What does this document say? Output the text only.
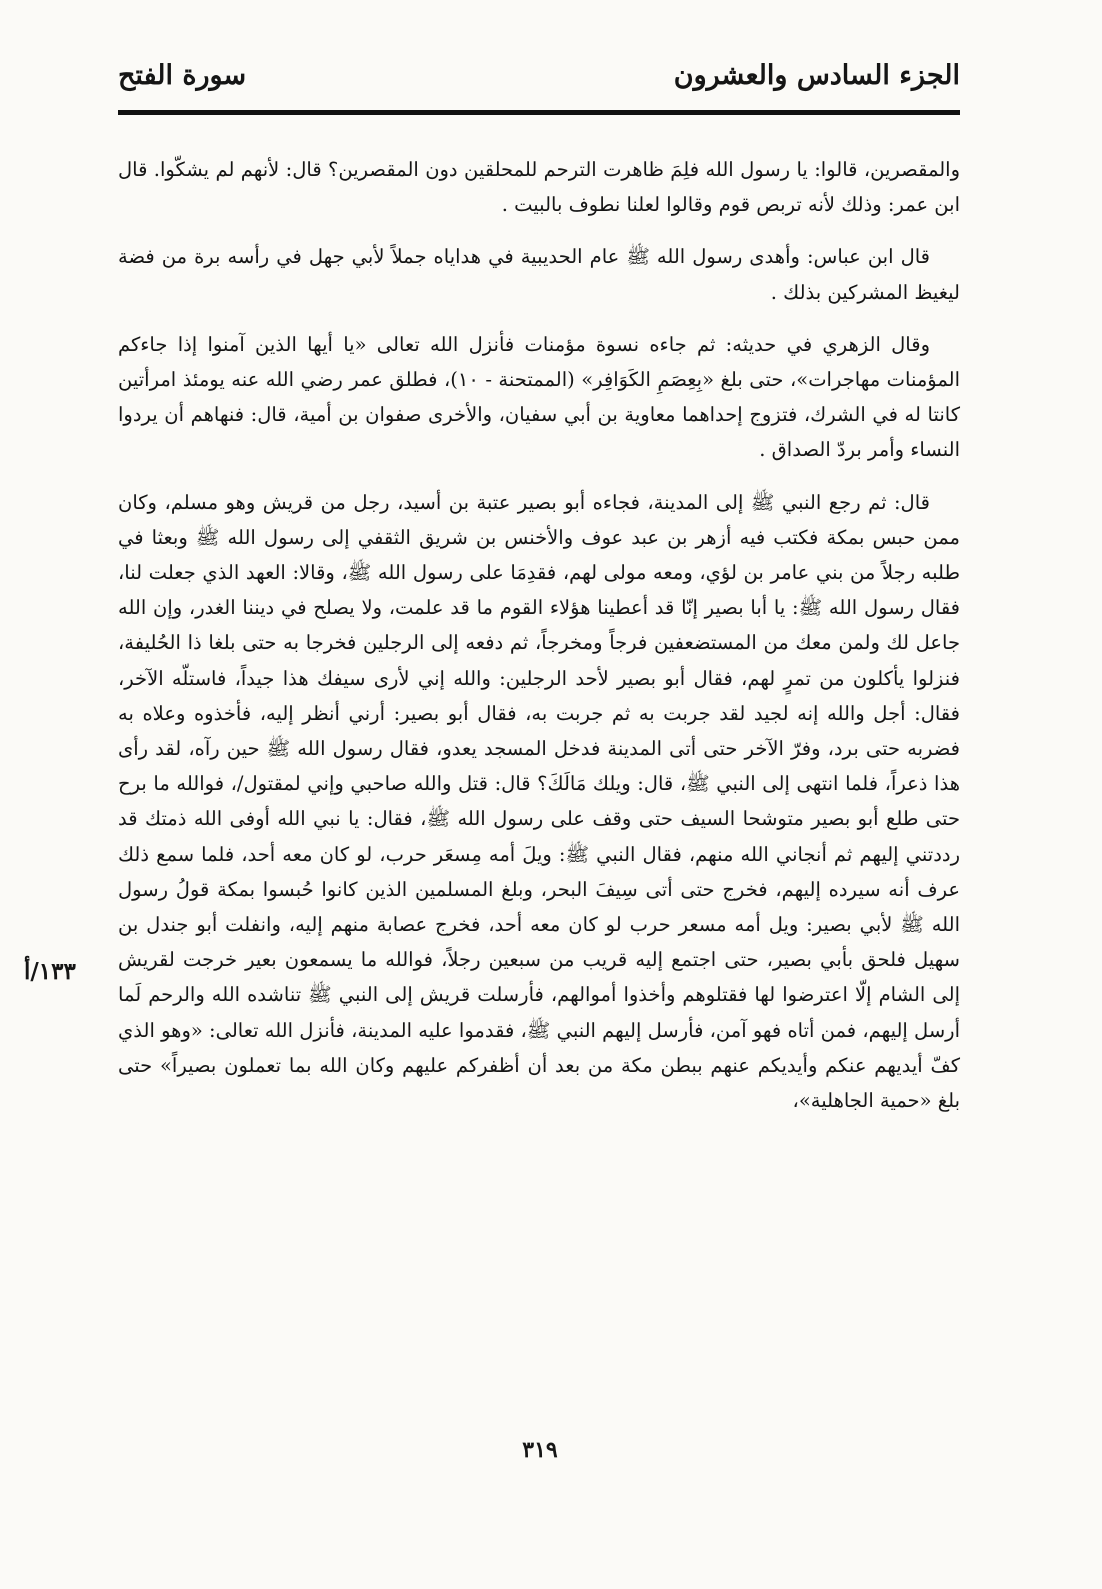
الجزء السادس والعشرون
سورة الفتح

والمقصرين، قالوا: يا رسول الله فلِمَ ظاهرت الترحم للمحلقين دون المقصرين؟ قال: لأنهم لم يشكّوا. قال ابن عمر: وذلك لأنه تربص قوم وقالوا لعلنا نطوف بالبيت .

قال ابن عباس: وأهدى رسول الله ﷺ عام الحديبية في هداياه جملاً لأبي جهل في رأسه برة من فضة ليغيظ المشركين بذلك .

وقال الزهري في حديثه: ثم جاءه نسوة مؤمنات فأنزل الله تعالى «يا أيها الذين آمنوا إذا جاءكم المؤمنات مهاجرات»، حتى بلغ «بِعِصَمِ الكَوَافِر» (الممتحنة - ١٠)، فطلق عمر رضي الله عنه يومئذ امرأتين كانتا له في الشرك، فتزوج إحداهما معاوية بن أبي سفيان، والأخرى صفوان بن أمية، قال: فنهاهم أن يردوا النساء وأمر بردّ الصداق .

قال: ثم رجع النبي ﷺ إلى المدينة، فجاءه أبو بصير عتبة بن أسيد، رجل من قريش وهو مسلم، وكان ممن حبس بمكة فكتب فيه أزهر بن عبد عوف والأخنس بن شريق الثقفي إلى رسول الله ﷺ وبعثا في طلبه رجلاً من بني عامر بن لؤي، ومعه مولى لهم، فقدِمَا على رسول الله ﷺ، وقالا: العهد الذي جعلت لنا، فقال رسول الله ﷺ: يا أبا بصير إنّا قد أعطينا هؤلاء القوم ما قد علمت، ولا يصلح في ديننا الغدر، وإن الله جاعل لك ولمن معك من المستضعفين فرجاً ومخرجاً، ثم دفعه إلى الرجلين فخرجا به حتى بلغا ذا الحُليفة، فنزلوا يأكلون من تمرٍ لهم، فقال أبو بصير لأحد الرجلين: والله إني لأرى سيفك هذا جيداً، فاستلّه الآخر، فقال: أجل والله إنه لجيد لقد جربت به ثم جربت به، فقال أبو بصير: أرني أنظر إليه، فأخذوه وعلاه به فضربه حتى برد، وفرّ الآخر حتى أتى المدينة فدخل المسجد يعدو، فقال رسول الله ﷺ حين رآه، لقد رأى هذا ذعراً، فلما انتهى إلى النبي ﷺ، قال: ويلك مَالَكَ؟ قال: قتل والله صاحبي وإني لمقتول/، فوالله ما برح حتى طلع أبو بصير متوشحا السيف حتى وقف على رسول الله ﷺ، فقال: يا نبي الله أوفى الله ذمتك قد رددتني إليهم ثم أنجاني الله منهم، فقال النبي ﷺ: ويلَ أمه مِسعَر حرب، لو كان معه أحد، فلما سمع ذلك عرف أنه سيرده إليهم، فخرج حتى أتى سِيفَ البحر، وبلغ المسلمين الذين كانوا حُبسوا بمكة قولُ رسول الله ﷺ لأبي بصير: ويل أمه مسعر حرب لو كان معه أحد، فخرج عصابة منهم إليه، وانفلت أبو جندل بن سهيل فلحق بأبي بصير، حتى اجتمع إليه قريب من سبعين رجلاً، فوالله ما يسمعون بعير خرجت لقريش إلى الشام إلّا اعترضوا لها فقتلوهم وأخذوا أموالهم، فأرسلت قريش إلى النبي ﷺ تناشده الله والرحم لَما أرسل إليهم، فمن أتاه فهو آمن، فأرسل إليهم النبي ﷺ، فقدموا عليه المدينة، فأنزل الله تعالى: «وهو الذي كفّ أيديهم عنكم وأيديكم عنهم ببطن مكة من بعد أن أظفركم عليهم وكان الله بما تعملون بصيراً» حتى بلغ «حمية الجاهلية»،

١٣٣/أ
٣١٩
